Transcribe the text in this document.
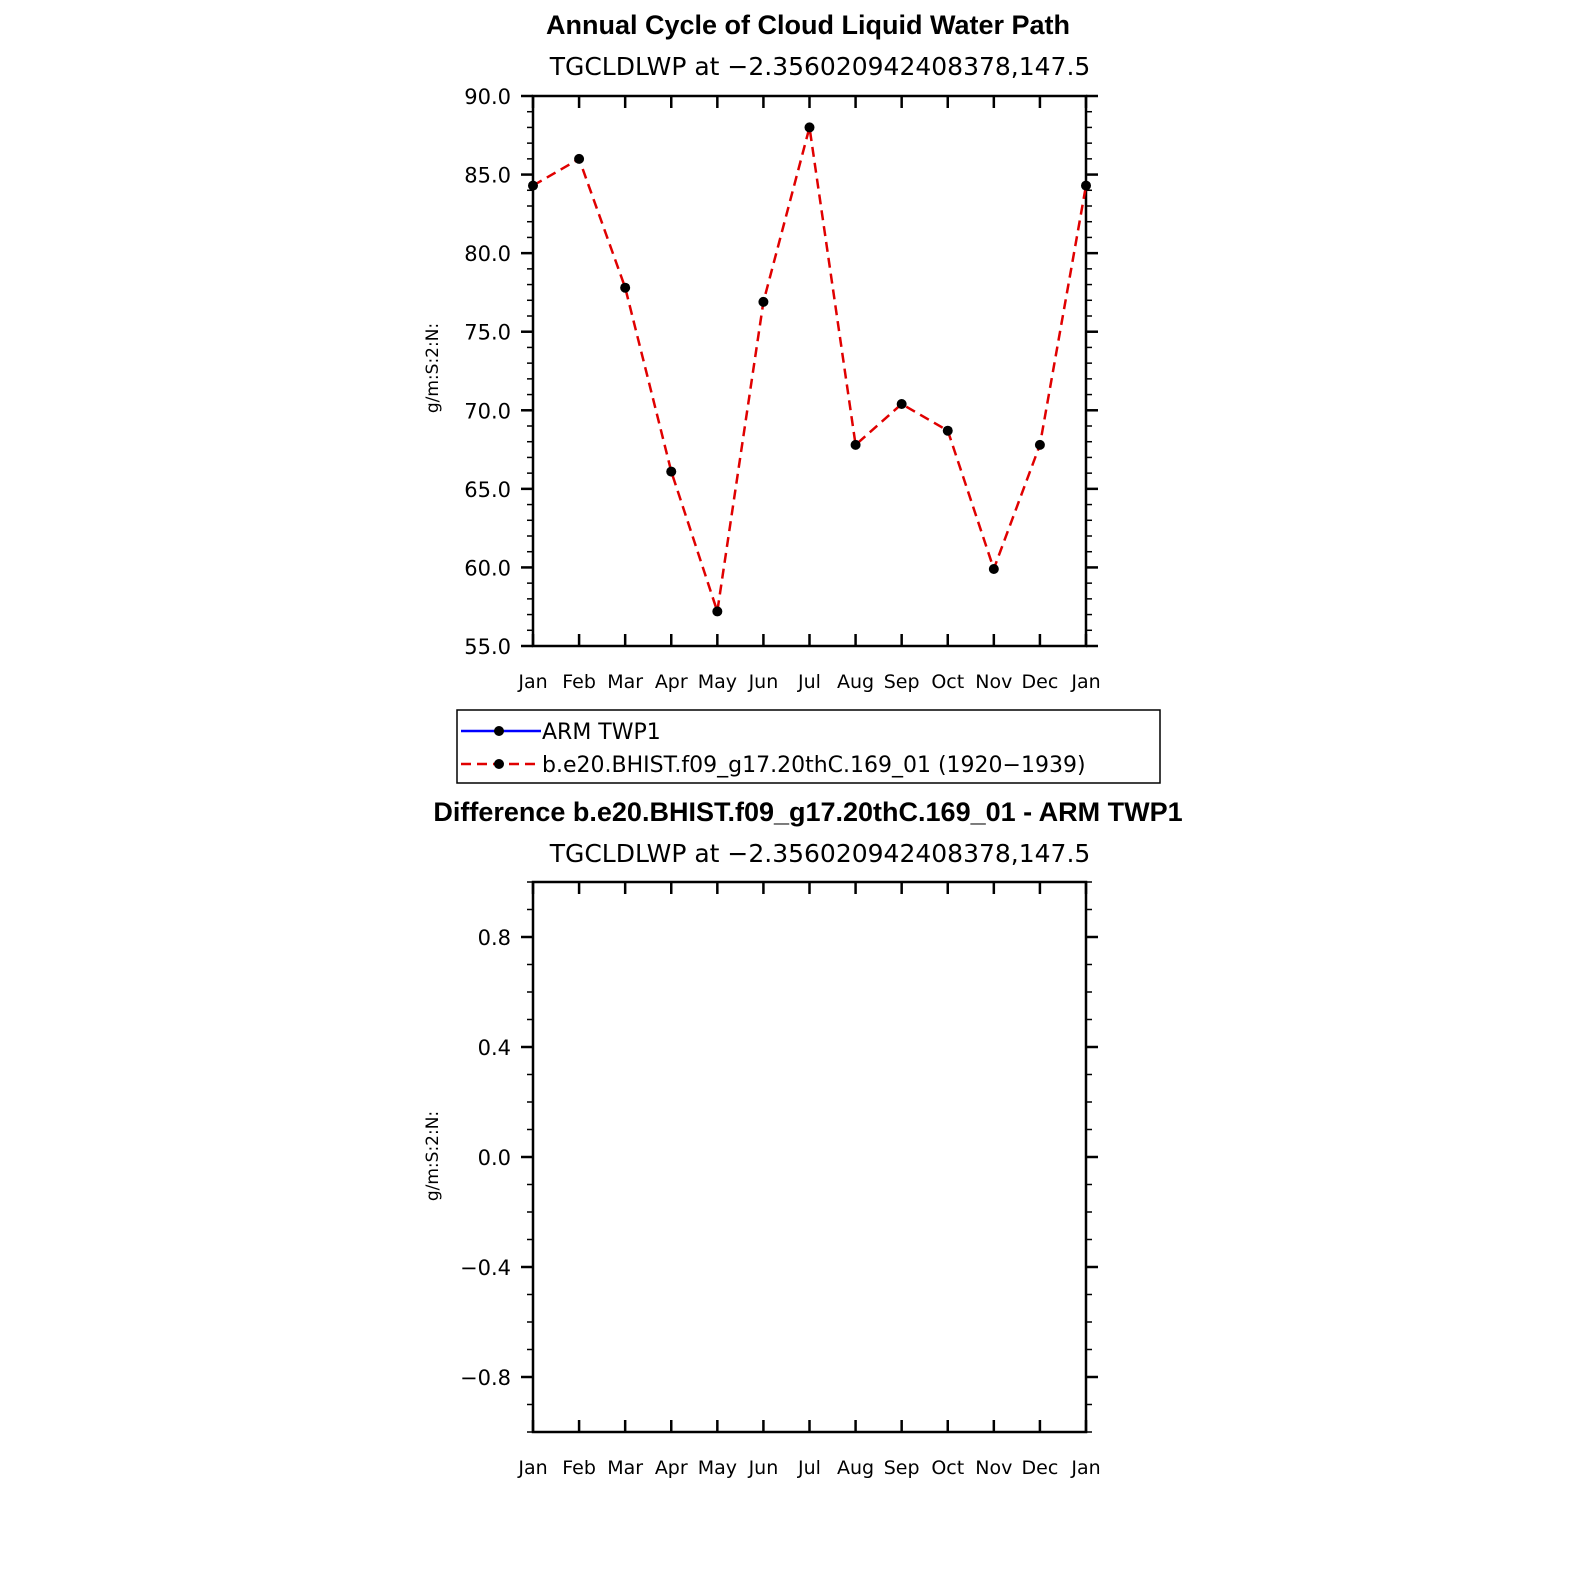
Annual Cycle of Cloud Liquid Water Path
TGCLDLWP at −2.356020942408378,147.5
g/m:S:2:N:
55.0
60.0
65.0
70.0
75.0
80.0
85.0
90.0
Jan Feb Mar Apr May Jun Jul Aug Sep Oct Nov Dec Jan
ARM TWP1
b.e20.BHIST.f09_g17.20thC.169_01 (1920−1939)
Difference b.e20.BHIST.f09_g17.20thC.169_01 - ARM TWP1
TGCLDLWP at −2.356020942408378,147.5
g/m:S:2:N:
−0.8
−0.4
0.0
0.4
0.8
Jan Feb Mar Apr May Jun Jul Aug Sep Oct Nov Dec Jan
